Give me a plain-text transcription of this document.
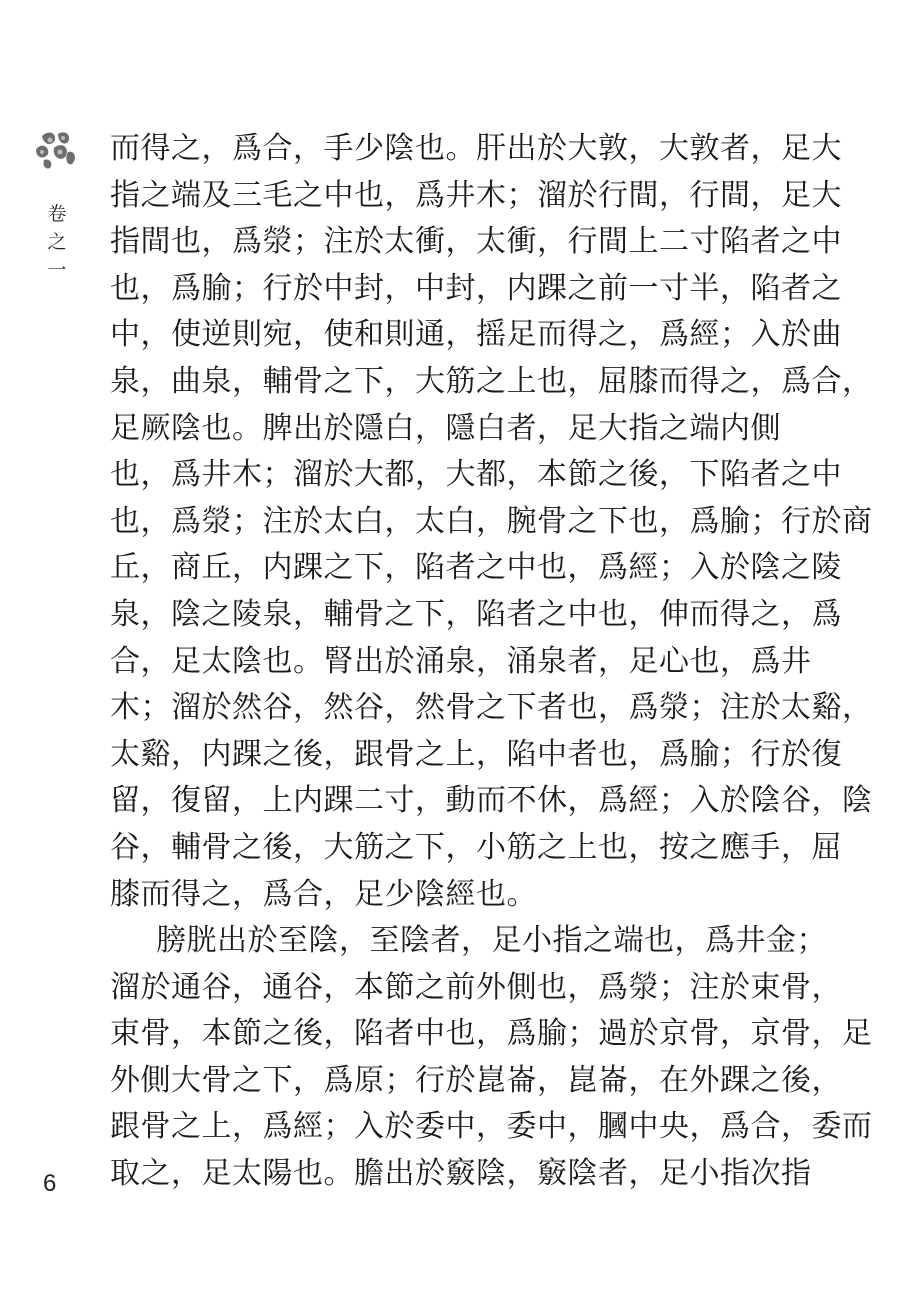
卷
之
一
而得之，爲合，手少陰也。肝出於大敦，大敦者，足大
指之端及三毛之中也，爲井木；溜於行間，行間，足大
指間也，爲滎；注於太衝，太衝，行間上二寸陷者之中
也，爲腧；行於中封，中封，内踝之前一寸半，陷者之
中，使逆則宛，使和則通，摇足而得之，爲經；入於曲
泉，曲泉，輔骨之下，大筋之上也，屈膝而得之，爲合，
足厥陰也。脾出於隱白，隱白者，足大指之端内側
也，爲井木；溜於大都，大都，本節之後，下陷者之中
也，爲滎；注於太白，太白，腕骨之下也，爲腧；行於商
丘，商丘，内踝之下，陷者之中也，爲經；入於陰之陵
泉，陰之陵泉，輔骨之下，陷者之中也，伸而得之，爲
合，足太陰也。腎出於涌泉，涌泉者，足心也，爲井
木；溜於然谷，然谷，然骨之下者也，爲滎；注於太谿，
太谿，内踝之後，跟骨之上，陷中者也，爲腧；行於復
留，復留，上内踝二寸，動而不休，爲經；入於陰谷，陰
谷，輔骨之後，大筋之下，小筋之上也，按之應手，屈
膝而得之，爲合，足少陰經也。
膀胱出於至陰，至陰者，足小指之端也，爲井金；
溜於通谷，通谷，本節之前外側也，爲滎；注於束骨，
束骨，本節之後，陷者中也，爲腧；過於京骨，京骨，足
外側大骨之下，爲原；行於崑崙，崑崙，在外踝之後，
跟骨之上，爲經；入於委中，委中，膕中央，爲合，委而
取之，足太陽也。膽出於竅陰，竅陰者，足小指次指
6
